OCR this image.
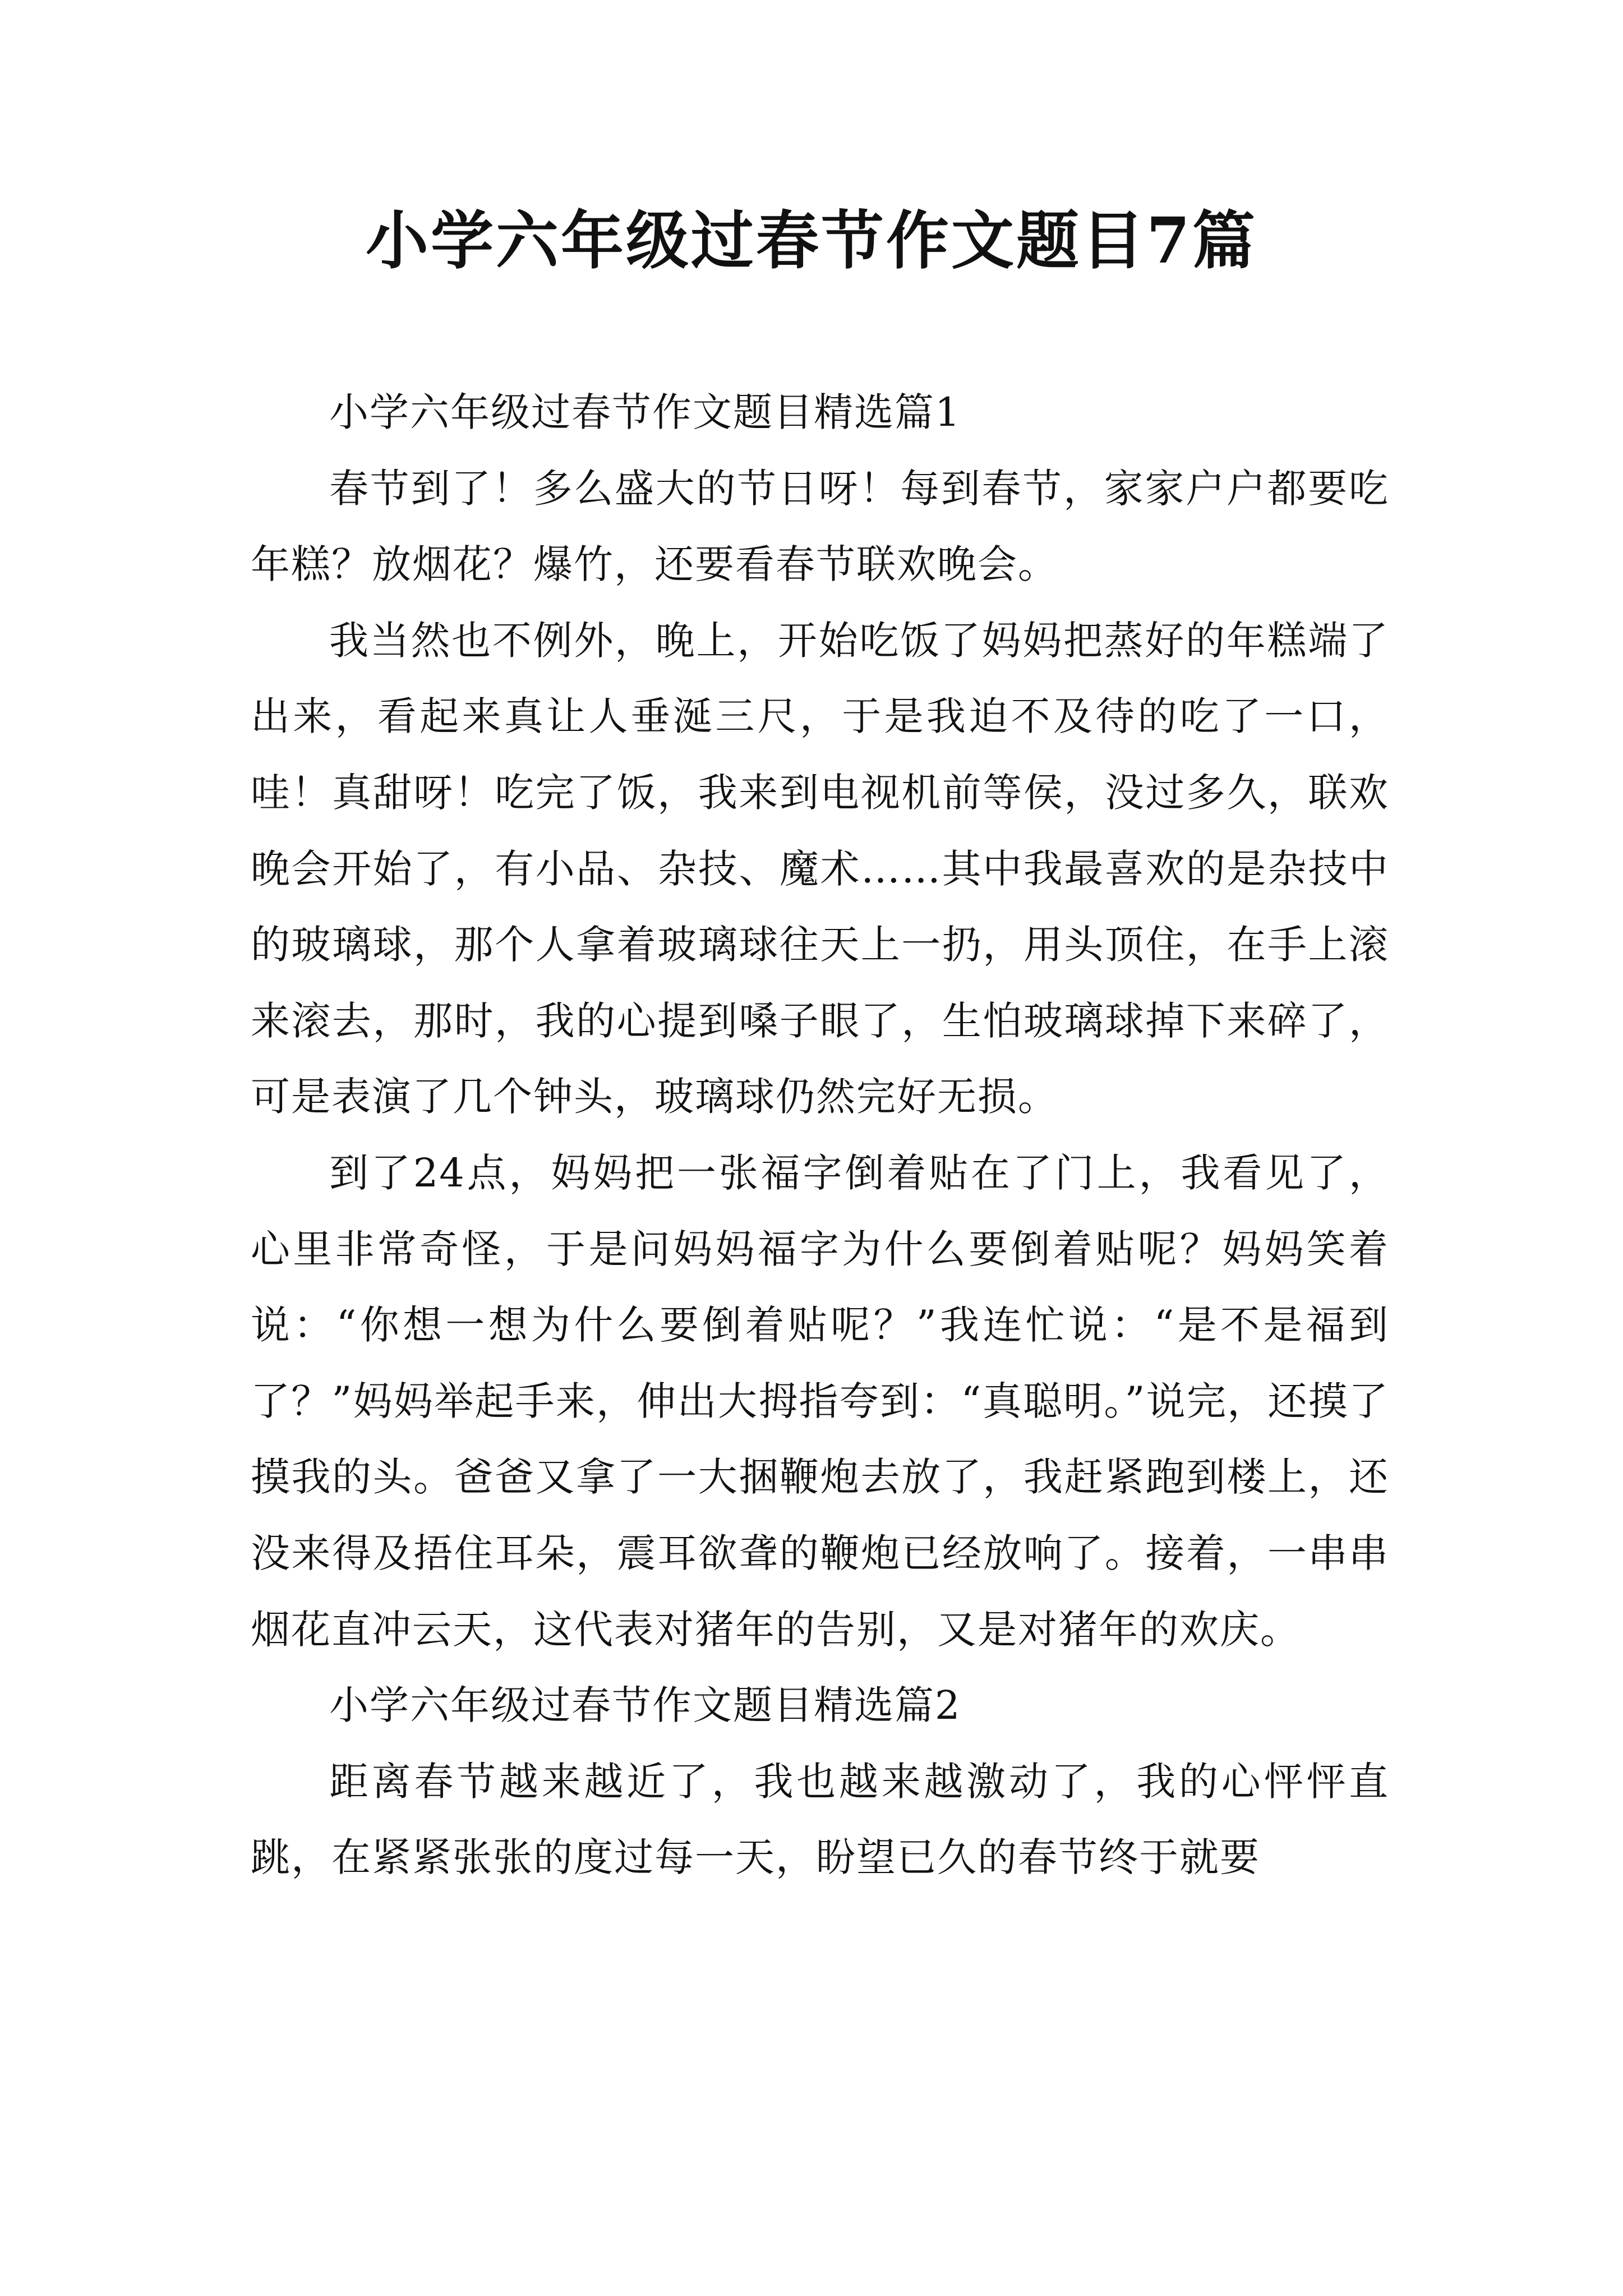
小学六年级过春节作文题目7篇

小学六年级过春节作文题目精选篇1

春节到了！多么盛大的节日呀！每到春节，家家户户都要吃年糕？放烟花？爆竹，还要看春节联欢晚会。

我当然也不例外，晚上，开始吃饭了妈妈把蒸好的年糕端了出来，看起来真让人垂涎三尺，于是我迫不及待的吃了一口，哇！真甜呀！吃完了饭，我来到电视机前等侯，没过多久，联欢晚会开始了，有小品、杂技、魔术……其中我最喜欢的是杂技中的玻璃球，那个人拿着玻璃球往天上一扔，用头顶住，在手上滚来滚去，那时，我的心提到嗓子眼了，生怕玻璃球掉下来碎了，可是表演了几个钟头，玻璃球仍然完好无损。

到了24点，妈妈把一张福字倒着贴在了门上，我看见了，心里非常奇怪，于是问妈妈福字为什么要倒着贴呢？妈妈笑着说：“你想一想为什么要倒着贴呢？”我连忙说：“是不是福到了？”妈妈举起手来，伸出大拇指夸到：“真聪明。”说完，还摸了摸我的头。爸爸又拿了一大捆鞭炮去放了，我赶紧跑到楼上，还没来得及捂住耳朵，震耳欲聋的鞭炮已经放响了。接着，一串串烟花直冲云天，这代表对猪年的告别，又是对猪年的欢庆。

小学六年级过春节作文题目精选篇2

距离春节越来越近了，我也越来越激动了，我的心怦怦直跳，在紧紧张张的度过每一天，盼望已久的春节终于就要
